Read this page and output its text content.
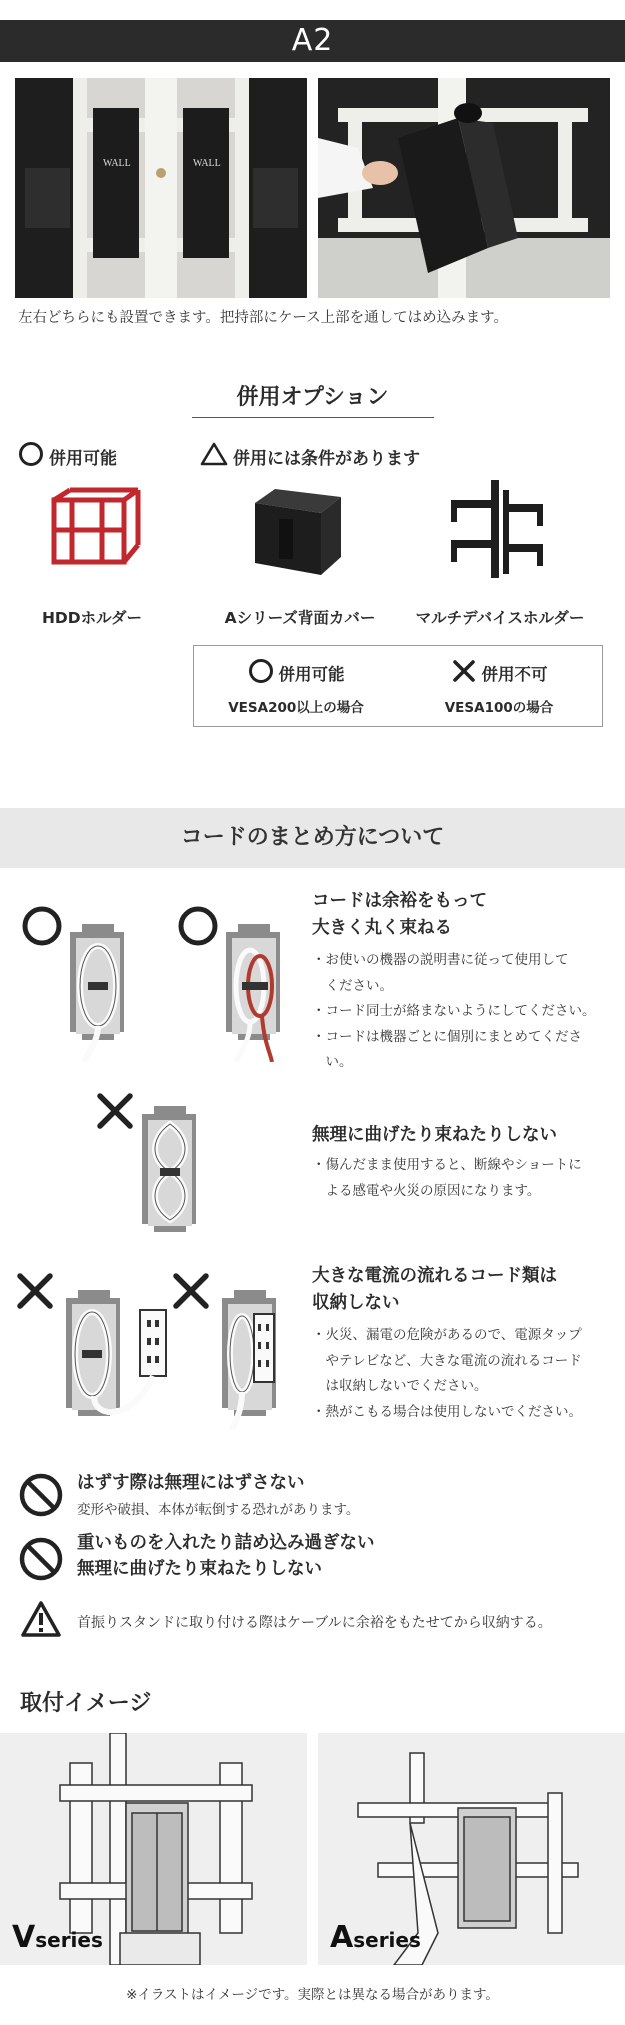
A2
WALL	WALL
左右どちらにも設置できます。把持部にケース上部を通してはめ込みます。
併用オプション
併用可能	併用には条件があります
HDDホルダー	Aシリーズ背面カバー	マルチデバイスホルダー
併用可能
VESA200以上の場合
併用不可
VESA100の場合
コードのまとめ方について
コードは余裕をもって
大きく丸く束ねる
・お使いの機器の説明書に従って使用して
　ください。
・コード同士が絡まないようにしてください。
・コードは機器ごとに個別にまとめてくださ
　い。
無理に曲げたり束ねたりしない
・傷んだまま使用すると、断線やショートに
　よる感電や火災の原因になります。
大きな電流の流れるコード類は
収納しない
・火災、漏電の危険があるので、電源タップ
　やテレビなど、大きな電流の流れるコード
　は収納しないでください。
・熱がこもる場合は使用しないでください。
はずす際は無理にはずさない
変形や破損、本体が転倒する恐れがあります。
重いものを入れたり詰め込み過ぎない
無理に曲げたり束ねたりしない
首振りスタンドに取り付ける際はケーブルに余裕をもたせてから収納する。
取付イメージ
Vseries	Aseries
※イラストはイメージです。実際とは異なる場合があります。
